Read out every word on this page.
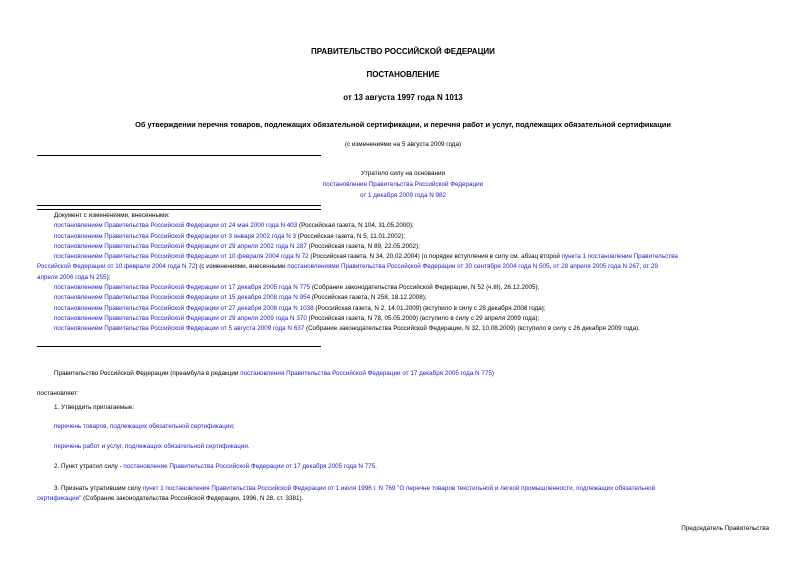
ПРАВИТЕЛЬСТВО РОССИЙСКОЙ ФЕДЕРАЦИИ
ПОСТАНОВЛЕНИЕ
от 13 августа 1997 года N 1013
Об утверждении перечня товаров, подлежащих обязательной сертификации, и перечня работ и услуг, подлежащих обязательной сертификации
(с изменениями на 5 августа 2009 года)
Утратило силу на основании
постановления Правительства Российской Федерации
от 1 декабря 2009 года N 982
Документ с изменениями, внесенными:
постановлением Правительства Российской Федерации от 24 мая 2000 года N 403 (Российская газета, N 104, 31.05.2000);
постановлением Правительства Российской Федерации от 3 января 2002 года N 3 (Российская газета, N 5, 11.01.2002);
постановлением Правительства Российской Федерации от 29 апреля 2002 года N 287 (Российская газета, N 89, 22.05.2002);
постановлением Правительства Российской Федерации от 10 февраля 2004 года N 72 (Российская газета, N 34, 20.02.2004) (о порядке вступления в силу см. абзац второй пункта 1 постановления Правительства
Российской Федерации от 10 февраля 2004 года N 72) (с изменениями, внесенными постановлениями Правительства Российской Федерации от 30 сентября 2004 года N 505, от 28 апреля 2005 года N 267, от 29
апреля 2006 года N 255);
постановлением Правительства Российской Федерации от 17 декабря 2005 года N 775 (Собрание законодательства Российской Федерации, N 52 (ч.III), 26.12.2005);
постановлением Правительства Российской Федерации от 15 декабря 2008 года N 954 (Российская газета, N 258, 18.12.2008);
постановлением Правительства Российской Федерации от 27 декабря 2008 года N 1038 (Российская газета, N 2, 14.01.2009) (вступило в силу с 28 декабря 2008 года);
постановлением Правительства Российской Федерации от 29 апреля 2009 года N 370 (Российская газета, N 78, 05.05.2009) (вступило в силу с 29 апреля 2009 года);
постановлением Правительства Российской Федерации от 5 августа 2009 года N 637 (Собрание законодательства Российской Федерации, N 32, 10.08.2009) (вступило в силу с 26 декабря 2009 года).
Правительство Российской Федерации (преамбула в редакции постановления Правительства Российской Федерации от 17 декабря 2005 года N 775)
постановляет:
1. Утвердить прилагаемые:
перечень товаров, подлежащих обязательной сертификации;
перечень работ и услуг, подлежащих обязательной сертификации.
2. Пункт утратил силу - постановление Правительства Российской Федерации от 17 декабря 2005 года N 775.
3. Признать утратившим силу пункт 1 постановления Правительства Российской Федерации от 1 июля 1996 г. N 769 "О перечне товаров текстильной и легкой промышленности, подлежащих обязательной
сертификации" (Собрание законодательства Российской Федерации, 1996, N 28, ст. 3381).
Председатель Правительства
